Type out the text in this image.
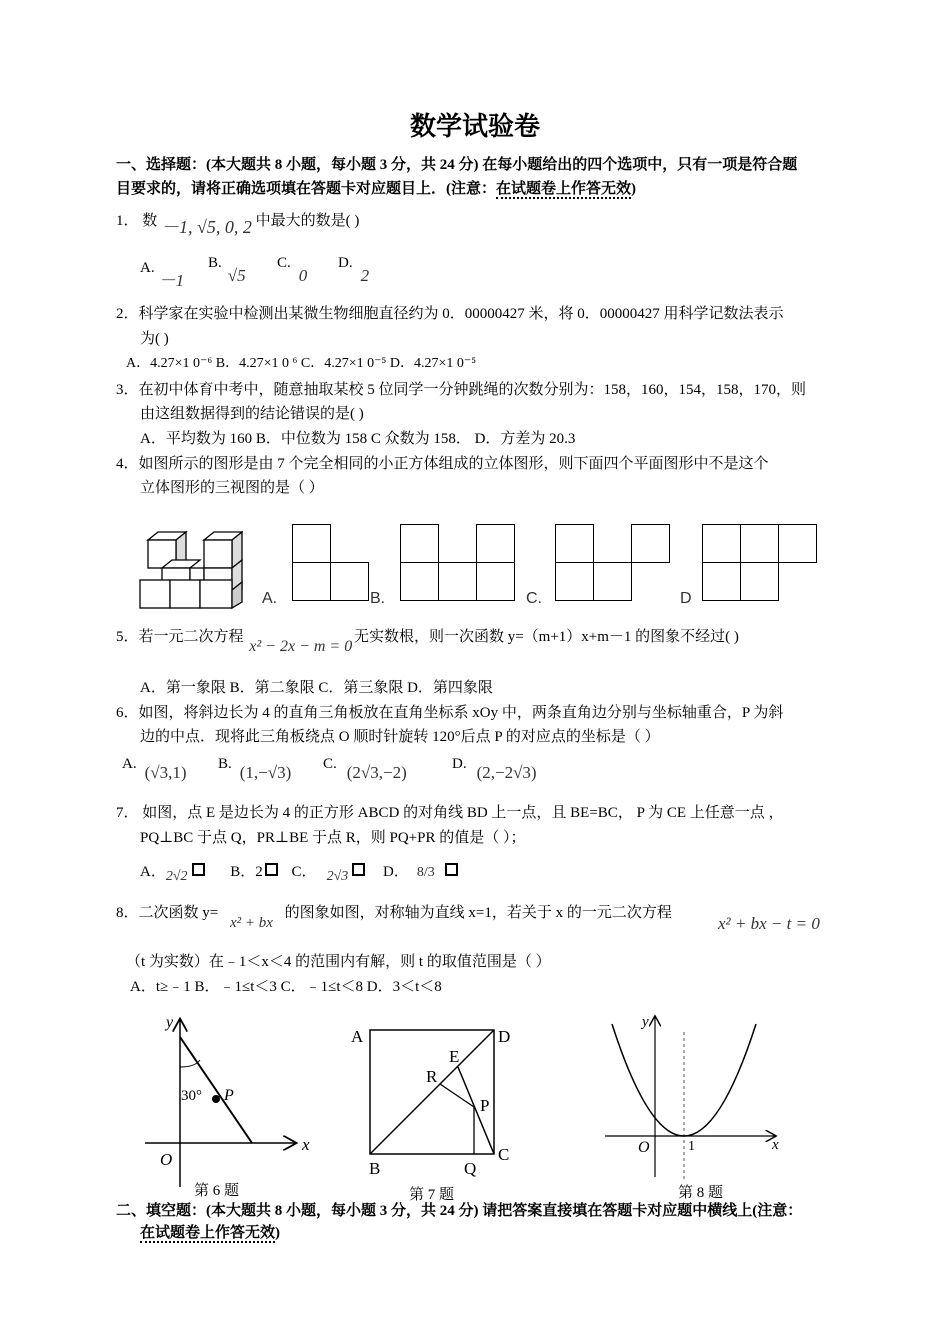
数学试验卷
一、选择题：(本大题共 8 小题，每小题 3 分，共 24 分) 在每小题给出的四个选项中，只有一项是符合题
目要求的，请将正确选项填在答题卡对应题目上．(注意：在试题卷上作答无效)
1． 数 －1, √5, 0, 2 中最大的数是( )
A.－1
B.√5
C.0
D.2
2．科学家在实验中检测出某微生物细胞直径约为 0．00000427 米，将 0．00000427 用科学记数法表示
为( )
A．4.27×1 0⁻⁶ B．4.27×1 0 ⁶ C．4.27×1 0⁻⁵ D．4.27×1 0⁻⁵
3．在初中体育中考中，随意抽取某校 5 位同学一分钟跳绳的次数分别为：158，160，154，158，170，则
由这组数据得到的结论错误的是( )
A．平均数为 160 B．中位数为 158 C 众数为 158． D．方差为 20.3
4．如图所示的图形是由 7 个完全相同的小正方体组成的立体图形，则下面四个平面图形中不是这个
立体图形的三视图的是（ ）
A.	B.	C.	D
5．若一元二次方程 x² − 2x − m = 0 无实数根，则一次函数 y=（m+1）x+m－1 的图象不经过( )
A．第一象限 B．第二象限 C．第三象限 D．第四象限
6．如图，将斜边长为 4 的直角三角板放在直角坐标系 xOy 中，两条直角边分别与坐标轴重合，P 为斜
边的中点．现将此三角板绕点 O 顺时针旋转 120°后点 P 的对应点的坐标是（ ）
A. (√3,1) B. (1,−√3) C. (2√3,−2)	D. (2,−2√3)
7． 如图，点 E 是边长为 4 的正方形 ABCD 的对角线 BD 上一点，且 BE=BC， P 为 CE 上任意一点 ，
PQ⊥BC 于点 Q，PR⊥BE 于点 R，则 PQ+PR 的值是（ ）；
A．2√2	B．2 C． 2√3 D． 8/3
8．二次函数 y= x² + bx 的图象如图，对称轴为直线 x=1，若关于 x 的一元二次方程
x² + bx − t = 0
（t 为实数）在﹣1＜x＜4 的范围内有解，则 t 的取值范围是（ ）
A．t≥﹣1 B．﹣1≤t＜3 C．﹣1≤t＜8 D．3＜t＜8
y
x
O
30° P
第 6 题
A	D
E
R
P
C
B	Q
第 7 题
y
x
O	1
第 8 题
二、填空题：(本大题共 8 小题，每小题 3 分，共 24 分) 请把答案直接填在答题卡对应题中横线上(注意：
在试题卷上作答无效)
